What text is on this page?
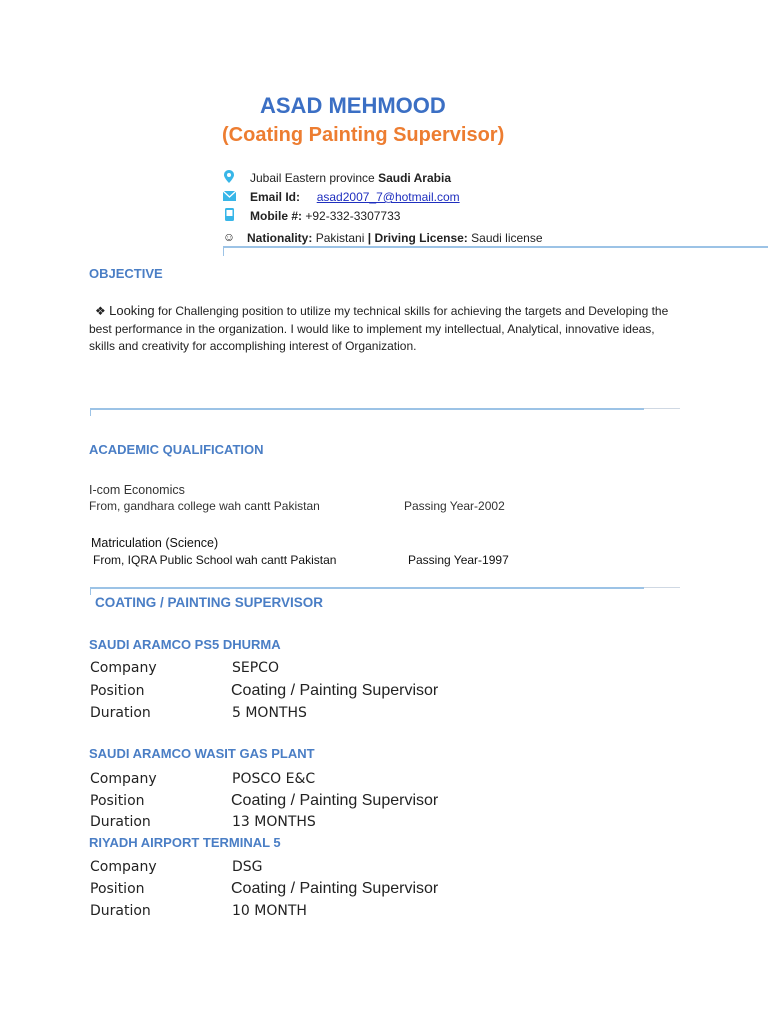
ASAD MEHMOOD
(Coating Painting Supervisor)
Jubail Eastern province Saudi Arabia
Email Id: asad2007_7@hotmail.com
Mobile #: +92-332-3307733
☺ Nationality: Pakistani | Driving License: Saudi license
OBJECTIVE
❖ Looking for Challenging position to utilize my technical skills for achieving the targets and Developing the best performance in the organization. I would like to implement my intellectual, Analytical, innovative ideas, skills and creativity for accomplishing interest of Organization.
ACADEMIC QUALIFICATION
I-com Economics
From, gandhara college wah cantt Pakistan	Passing Year-2002
Matriculation (Science)
From, IQRA Public School wah cantt Pakistan	Passing Year-1997
COATING / PAINTING SUPERVISOR
SAUDI ARAMCO PS5 DHURMA
Company	SEPCO
Position	Coating / Painting Supervisor
Duration	5 MONTHS
SAUDI ARAMCO WASIT GAS PLANT
Company	POSCO E&C
Position	Coating / Painting Supervisor
Duration	13 MONTHS
RIYADH AIRPORT TERMINAL 5
Company	DSG
Position	Coating / Painting Supervisor
Duration	10 MONTH
